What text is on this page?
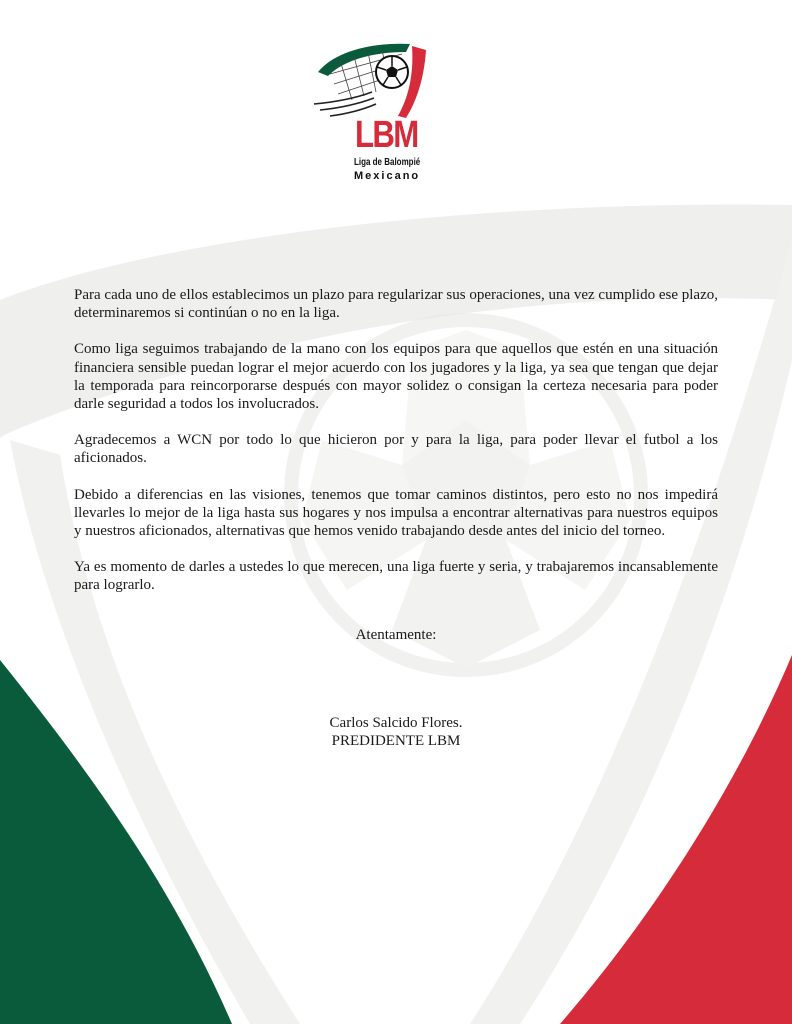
LBM
Liga de Balompié
Mexicano

Para cada uno de ellos establecimos un plazo para regularizar sus operaciones, una vez cumplido ese plazo, determinaremos si continúan o no en la liga.

Como liga seguimos trabajando de la mano con los equipos para que aquellos que estén en una situación financiera sensible puedan lograr el mejor acuerdo con los jugadores y la liga, ya sea que tengan que dejar la temporada para reincorporarse después con mayor solidez o consigan la certeza necesaria para poder darle seguridad a todos los involucrados.

Agradecemos a WCN por todo lo que hicieron por y para la liga, para poder llevar el futbol a los aficionados.

Debido a diferencias en las visiones, tenemos que tomar caminos distintos, pero esto no nos impedirá llevarles lo mejor de la liga hasta sus hogares y nos impulsa a encontrar alternativas para nuestros equipos y nuestros aficionados, alternativas que hemos venido trabajando desde antes del inicio del torneo.

Ya es momento de darles a ustedes lo que merecen, una liga fuerte y seria, y trabajaremos incansablemente para lograrlo.

Atentamente:
Carlos Salcido Flores.
PREDIDENTE LBM
